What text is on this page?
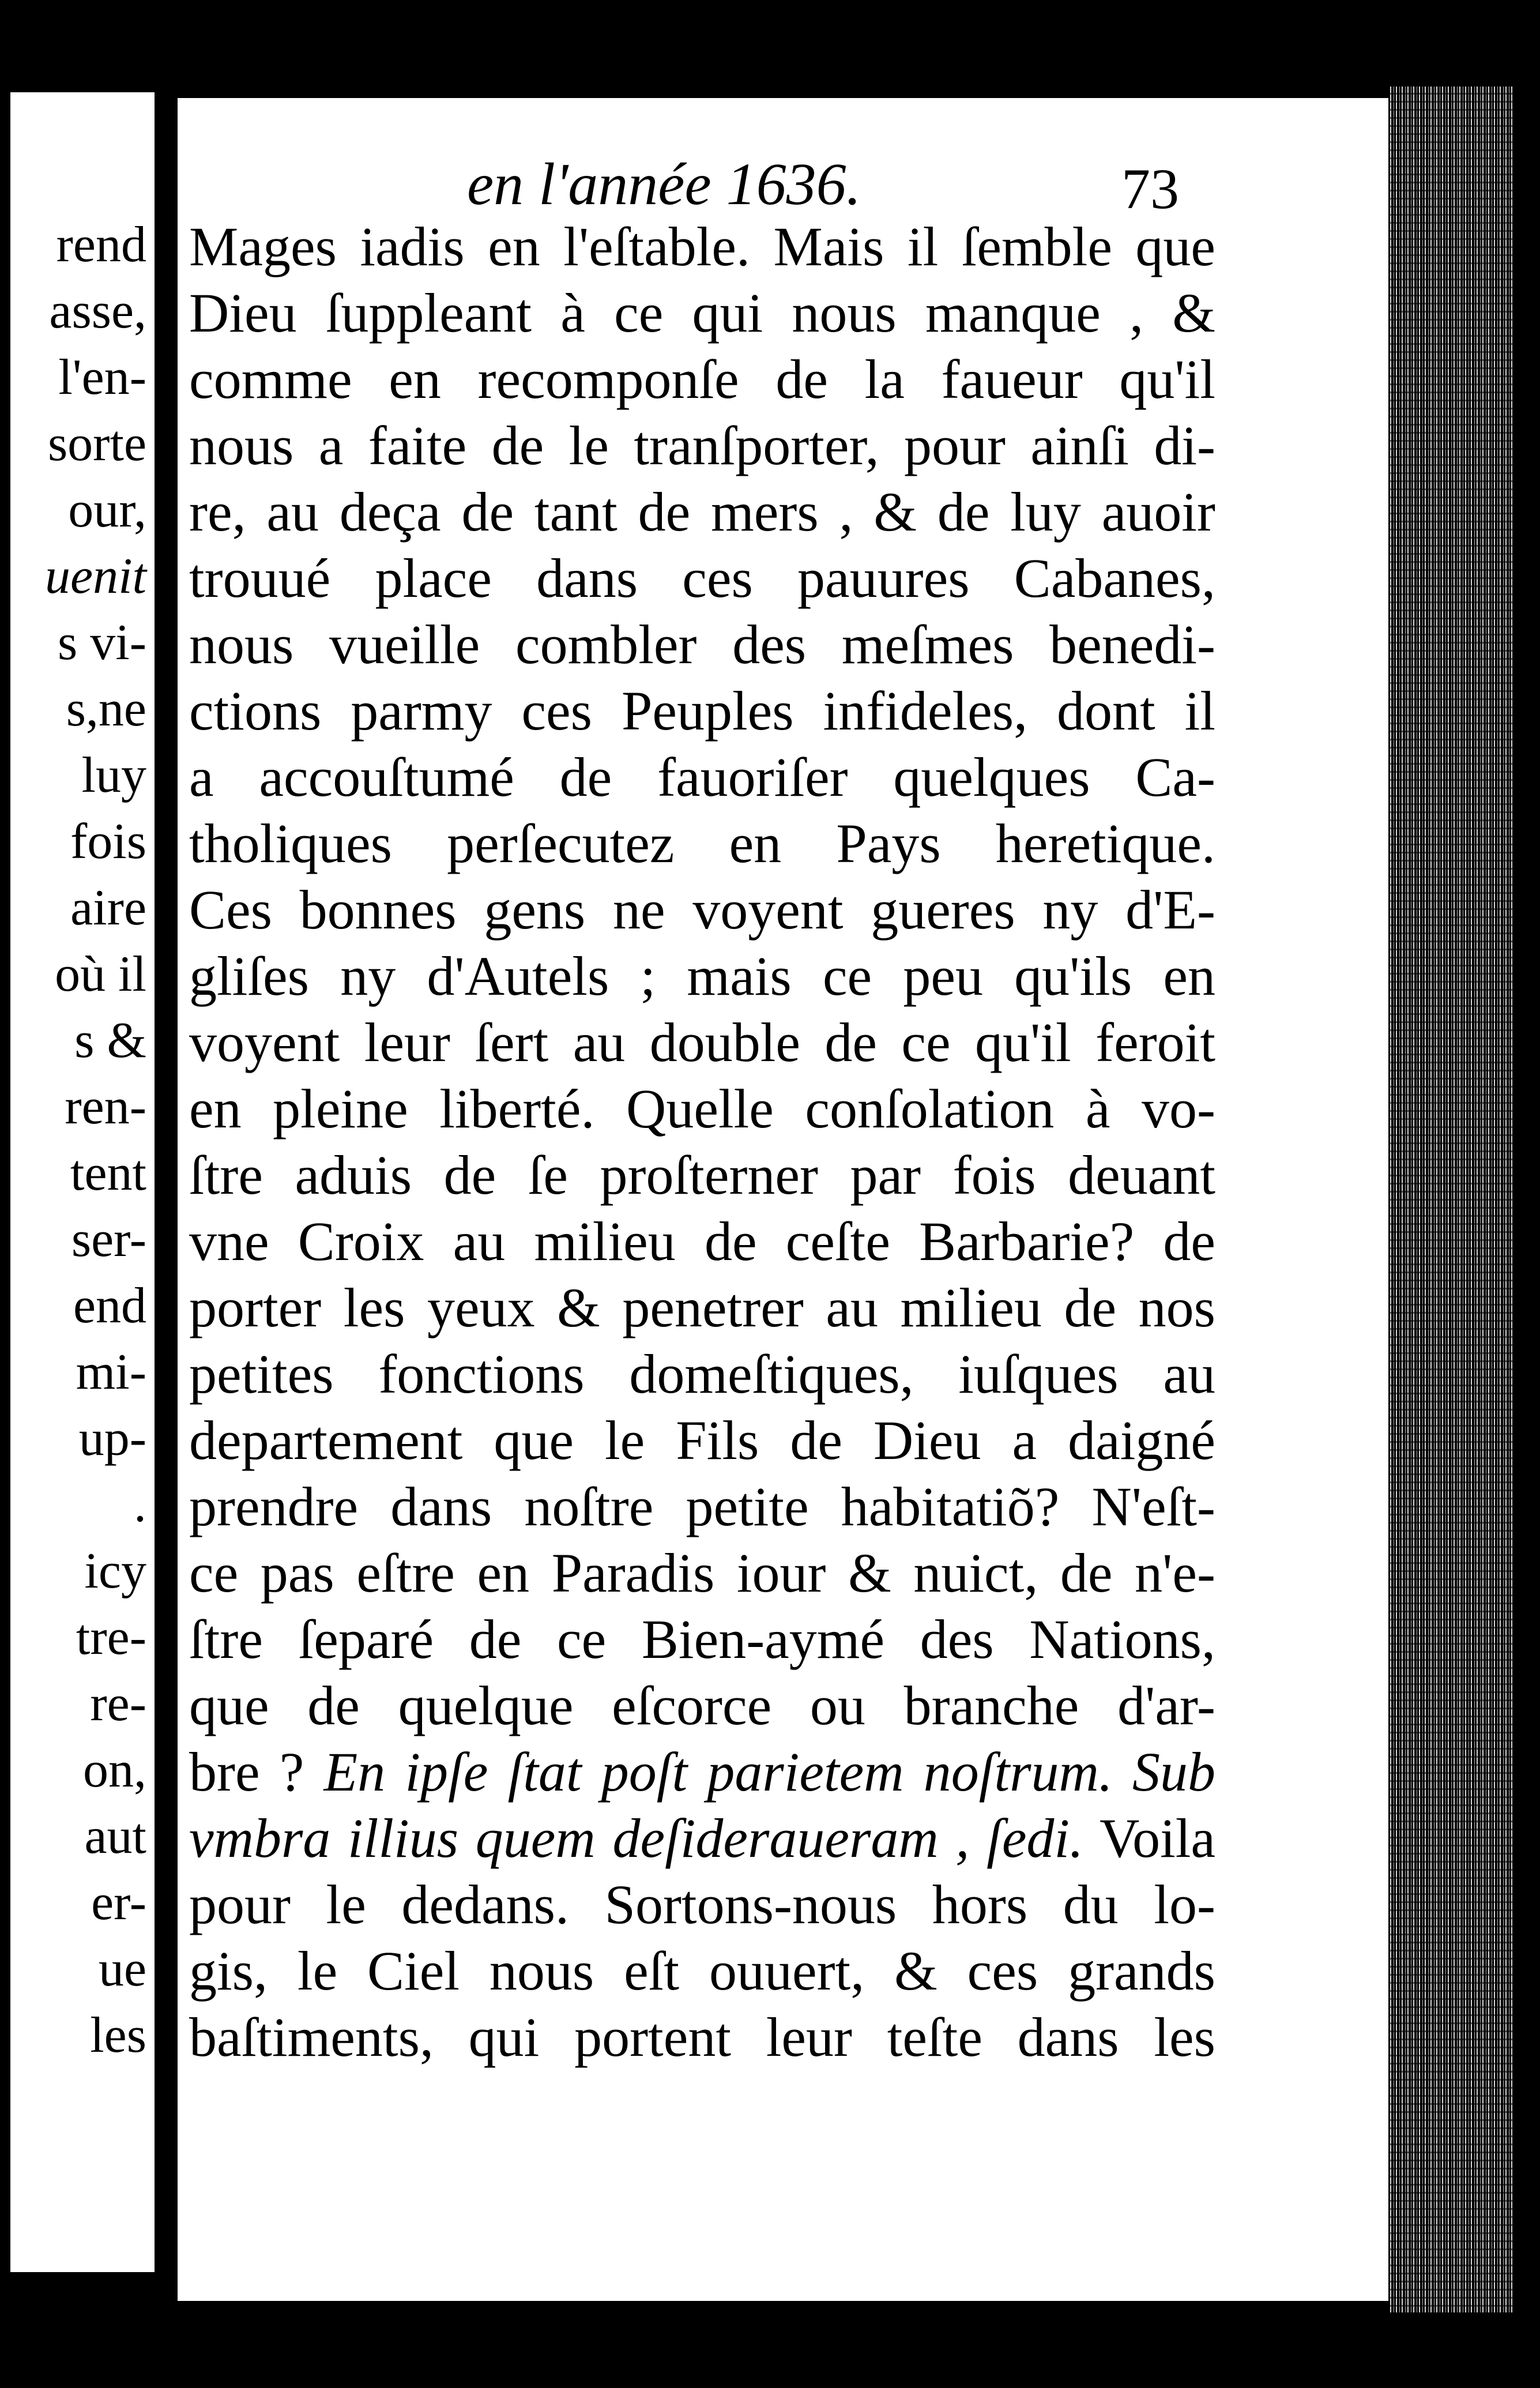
rend
asse,
l'en-
sorte
our,
uenit
s vi-
s,ne
luy
fois
aire
où il
s &
ren-
tent
ser-
end
mi-
up-
.
icy
tre-
re-
on,
aut
er-
ue
les
en l'année 1636.	73
Mages iadis en l'eſtable. Mais il ſemble que
Dieu ſuppleant à ce qui nous manque , &
comme en recomponſe de la faueur qu'il
nous a faite de le tranſporter, pour ainſi di-
re, au deça de tant de mers , & de luy auoir
trouué place dans ces pauures Cabanes,
nous vueille combler des meſmes benedi-
ctions parmy ces Peuples infideles, dont il
a accouſtumé de fauoriſer quelques Ca-
tholiques perſecutez en Pays heretique.
Ces bonnes gens ne voyent gueres ny d'E-
gliſes ny d'Autels ; mais ce peu qu'ils en
voyent leur ſert au double de ce qu'il feroit
en pleine liberté. Quelle conſolation à vo-
ſtre aduis de ſe proſterner par fois deuant
vne Croix au milieu de ceſte Barbarie? de
porter les yeux & penetrer au milieu de nos
petites fonctions domeſtiques, iuſques au
departement que le Fils de Dieu a daigné
prendre dans noſtre petite habitatiõ? N'eſt-
ce pas eſtre en Paradis iour & nuict, de n'e-
ſtre ſeparé de ce Bien-aymé des Nations,
que de quelque eſcorce ou branche d'ar-
bre ? En ipſe ſtat poſt parietem noſtrum. Sub
vmbra illius quem deſideraueram , ſedi. Voila
pour le dedans. Sortons-nous hors du lo-
gis, le Ciel nous eſt ouuert, & ces grands
baſtiments, qui portent leur teſte dans les
